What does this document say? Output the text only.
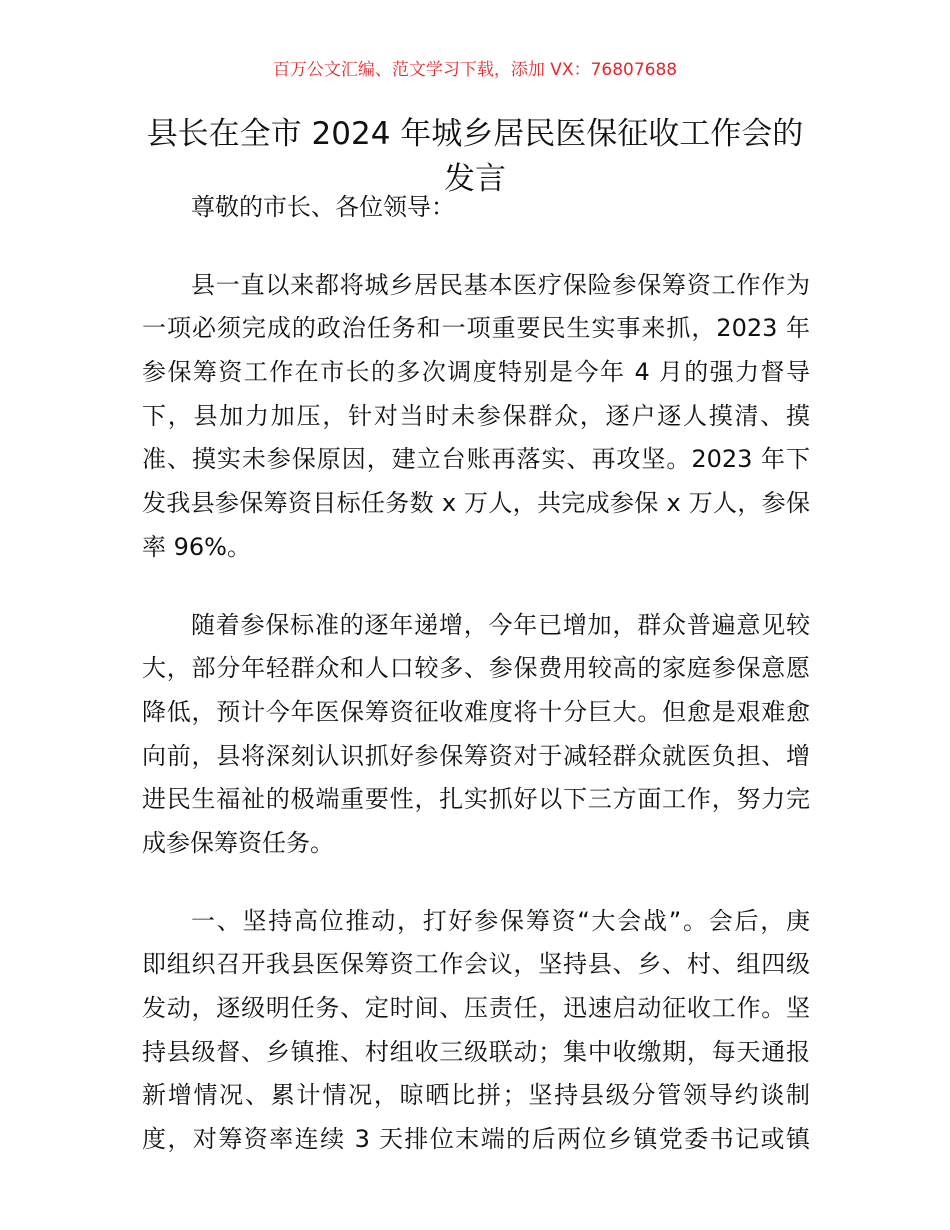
百万公文汇编、范文学习下载，添加 VX：76807688
县长在全市 2024 年城乡居民医保征收工作会的
发言
尊敬的市长、各位领导：
县一直以来都将城乡居民基本医疗保险参保筹资工作作为
一项必须完成的政治任务和一项重要民生实事来抓，2023 年
参保筹资工作在市长的多次调度特别是今年 4 月的强力督导
下，县加力加压，针对当时未参保群众，逐户逐人摸清、摸
准、摸实未参保原因，建立台账再落实、再攻坚。2023 年下
发我县参保筹资目标任务数 x 万人，共完成参保 x 万人，参保
率 96%。
随着参保标准的逐年递增，今年已增加，群众普遍意见较
大，部分年轻群众和人口较多、参保费用较高的家庭参保意愿
降低，预计今年医保筹资征收难度将十分巨大。但愈是艰难愈
向前，县将深刻认识抓好参保筹资对于减轻群众就医负担、增
进民生福祉的极端重要性，扎实抓好以下三方面工作，努力完
成参保筹资任务。
一、坚持高位推动，打好参保筹资“大会战”。会后，庚
即组织召开我县医保筹资工作会议，坚持县、乡、村、组四级
发动，逐级明任务、定时间、压责任，迅速启动征收工作。坚
持县级督、乡镇推、村组收三级联动；集中收缴期，每天通报
新增情况、累计情况，晾晒比拼；坚持县级分管领导约谈制
度，对筹资率连续 3 天排位末端的后两位乡镇党委书记或镇
